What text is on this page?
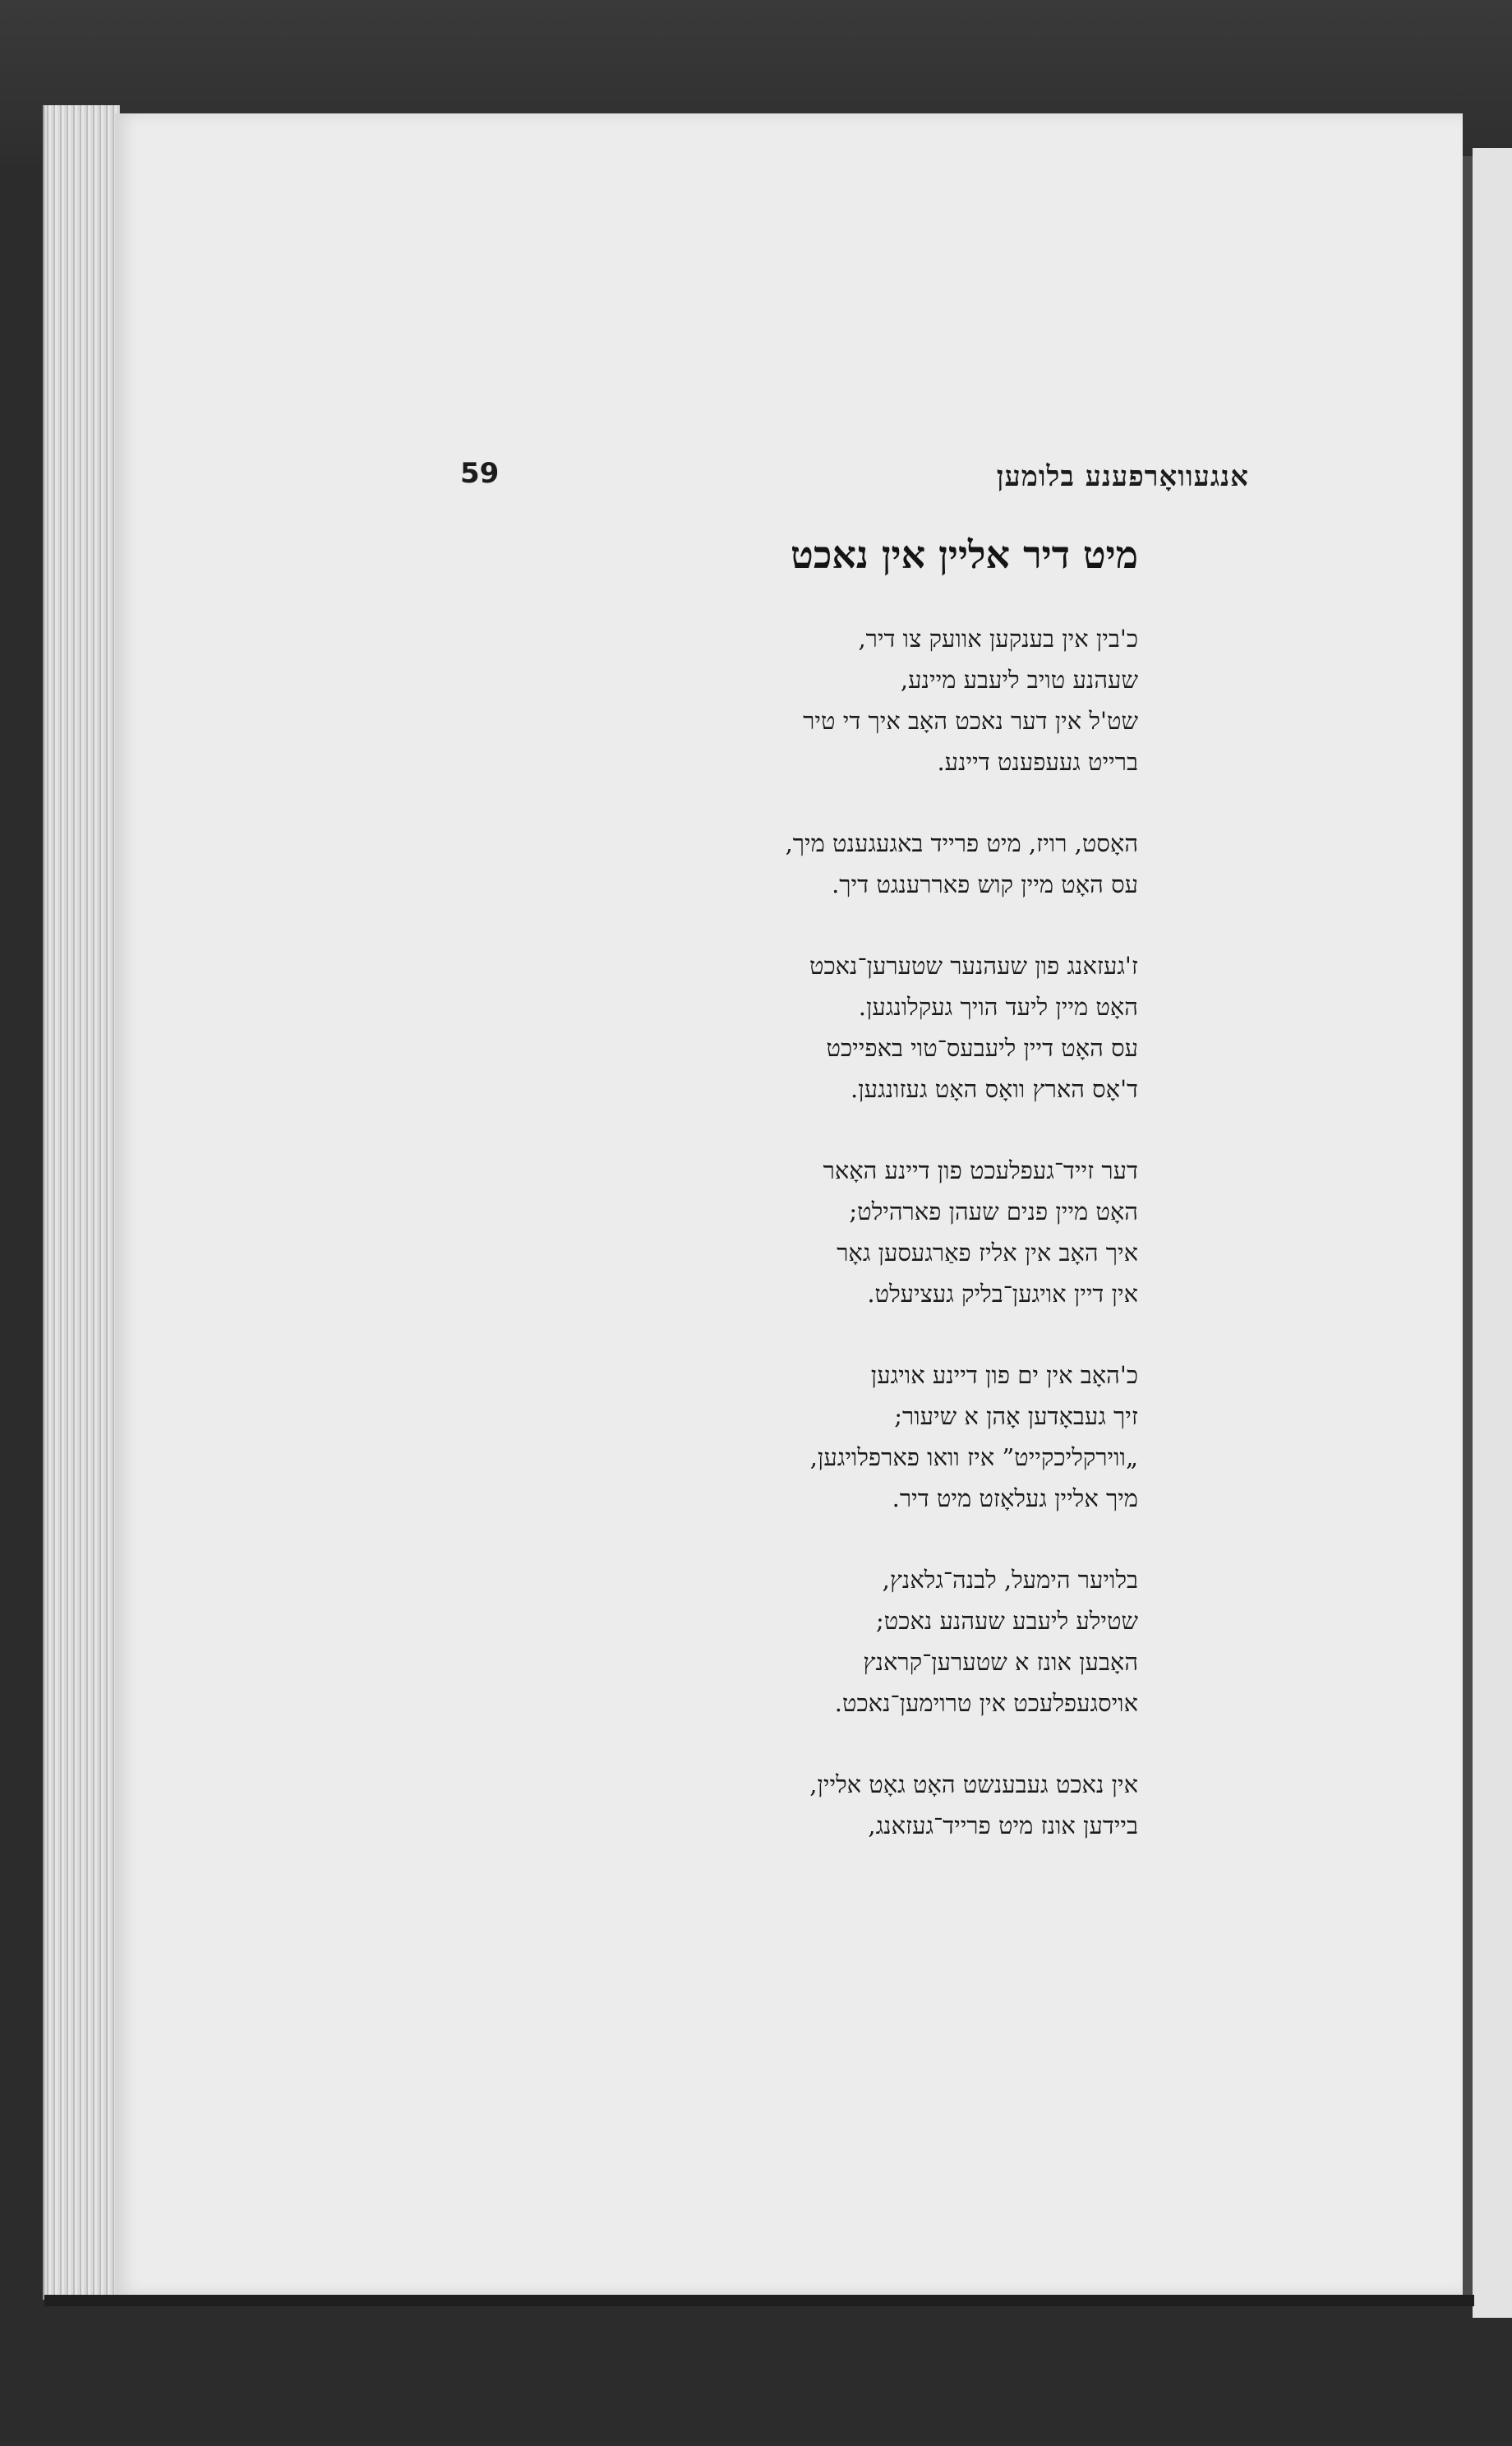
אנגעוואָרפענע בלומען
59
מיט דיר אליין אין נאכט
כ'בין אין בענקען אוועק צו דיר,
שעהנע טויב ליעבע מיינע,
שט'ל אין דער נאכט האָב איך די טיר
ברייט געעפענט דיינע.
האָסט, רויז, מיט פרייד באגעגענט מיך,
עס האָט מיין קוש פאררענגט דיך.
ז'געזאנג פון שעהנער שטערען־נאכט
האָט מיין ליעד הויך געקלונגען.
עס האָט דיין ליעבעס־טוי באפייכט
ד'אָס הארץ וואָס האָט געזונגען.
דער זייד־געפלעכט פון דיינע האָאר
האָט מיין פנים שעהן פארהילט;
איך האָב אין אליז פאַרגעסען גאָר
אין דיין אויגען־בליק געציעלט.
כ'האָב אין ים פון דיינע אויגען
זיך געבאָדען אָהן א שיעור;
„ווירקליכקייט” איז וואו פארפלויגען,
מיך אליין געלאָזט מיט דיר.
בלויער הימעל, לבנה־גלאנץ,
שטילע ליעבע שעהנע נאכט;
האָבען אונז א שטערען־קראנץ
אויסגעפלעכט אין טרוימען־נאכט.
אין נאכט געבענשט האָט גאָט אליין,
ביידען אונז מיט פרייד־געזאנג,
